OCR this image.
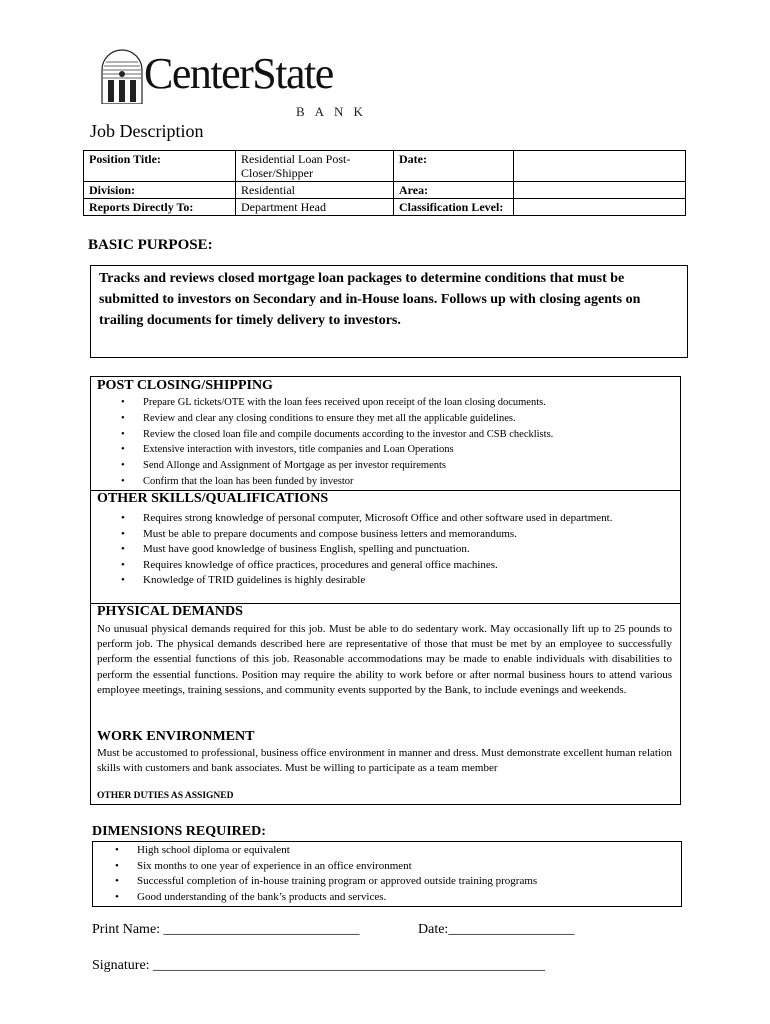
CenterState
BANK
Job Description
Position Title:	Residential Loan Post-Closer/Shipper	Date:	
Division:	Residential	Area:	
Reports Directly To:	Department Head	Classification Level:	
BASIC PURPOSE:
Tracks and reviews closed mortgage loan packages to determine conditions that must be submitted to investors on Secondary and in-House loans. Follows up with closing agents on trailing documents for timely delivery to investors.
POST CLOSING/SHIPPING
• Prepare GL tickets/OTE with the loan fees received upon receipt of the loan closing documents.
• Review and clear any closing conditions to ensure they met all the applicable guidelines.
• Review the closed loan file and compile documents according to the investor and CSB checklists.
• Extensive interaction with investors, title companies and Loan Operations
• Send Allonge and Assignment of Mortgage as per investor requirements
• Confirm that the loan has been funded by investor
OTHER SKILLS/QUALIFICATIONS
• Requires strong knowledge of personal computer, Microsoft Office and other software used in department.
• Must be able to prepare documents and compose business letters and memorandums.
• Must have good knowledge of business English, spelling and punctuation.
• Requires knowledge of office practices, procedures and general office machines.
• Knowledge of TRID guidelines is highly desirable
PHYSICAL DEMANDS
No unusual physical demands required for this job. Must be able to do sedentary work. May occasionally lift up to 25 pounds to perform job. The physical demands described here are representative of those that must be met by an employee to successfully perform the essential functions of this job. Reasonable accommodations may be made to enable individuals with disabilities to perform the essential functions. Position may require the ability to work before or after normal business hours to attend various employee meetings, training sessions, and community events supported by the Bank, to include evenings and weekends.
WORK ENVIRONMENT
Must be accustomed to professional, business office environment in manner and dress. Must demonstrate excellent human relation skills with customers and bank associates. Must be willing to participate as a team member
OTHER DUTIES AS ASSIGNED
DIMENSIONS REQUIRED:
• High school diploma or equivalent
• Six months to one year of experience in an office environment
• Successful completion of in-house training program or approved outside training programs
• Good understanding of the bank’s products and services.
Print Name: ____________________________	Date:__________________
Signature: ________________________________________________________
